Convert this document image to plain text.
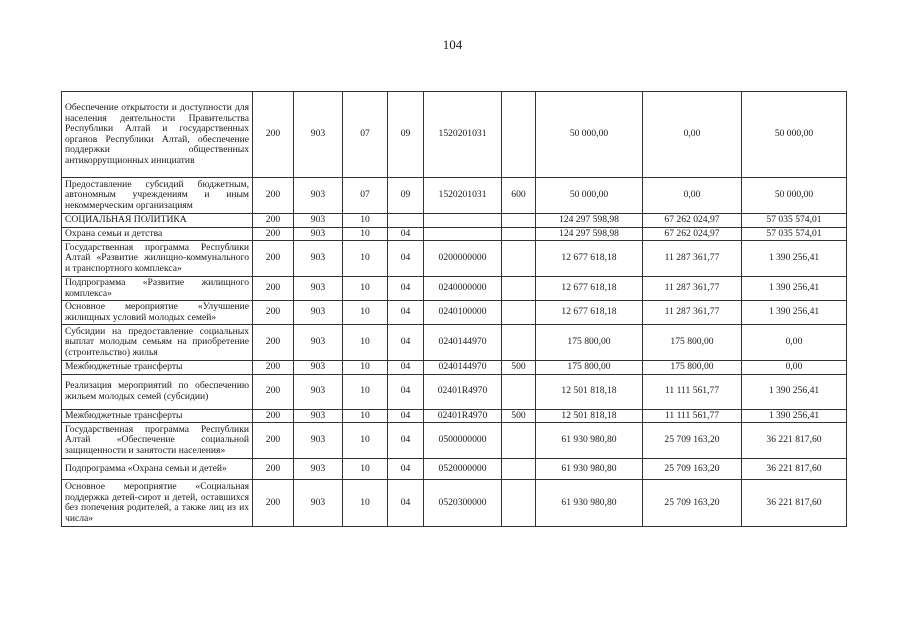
104
Обеспечение открытости и доступности для населения деятельности Правительства Республики Алтай и государственных органов Республики Алтай, обеспечение поддержки общественных антикоррупционных инициатив	200	903	07	09	1520201031		50 000,00	0,00	50 000,00
Предоставление субсидий бюджетным, автономным учреждениям и иным некоммерческим организациям	200	903	07	09	1520201031	600	50 000,00	0,00	50 000,00
СОЦИАЛЬНАЯ ПОЛИТИКА	200	903	10				124 297 598,98	67 262 024,97	57 035 574,01
Охрана семьи и детства	200	903	10	04			124 297 598,98	67 262 024,97	57 035 574,01
Государственная программа Республики Алтай «Развитие жилищно-коммунального и транспортного комплекса»	200	903	10	04	0200000000		12 677 618,18	11 287 361,77	1 390 256,41
Подпрограмма «Развитие жилищного комплекса»	200	903	10	04	0240000000		12 677 618,18	11 287 361,77	1 390 256,41
Основное мероприятие «Улучшение жилищных условий молодых семей»	200	903	10	04	0240100000		12 677 618,18	11 287 361,77	1 390 256,41
Субсидии на предоставление социальных выплат молодым семьям на приобретение (строительство) жилья	200	903	10	04	0240144970		175 800,00	175 800,00	0,00
Межбюджетные трансферты	200	903	10	04	0240144970	500	175 800,00	175 800,00	0,00
Реализация мероприятий по обеспечению жильем молодых семей (субсидии)	200	903	10	04	02401R4970		12 501 818,18	11 111 561,77	1 390 256,41
Межбюджетные трансферты	200	903	10	04	02401R4970	500	12 501 818,18	11 111 561,77	1 390 256,41
Государственная программа Республики Алтай «Обеспечение социальной защищенности и занятости населения»	200	903	10	04	0500000000		61 930 980,80	25 709 163,20	36 221 817,60
Подпрограмма «Охрана семьи и детей»	200	903	10	04	0520000000		61 930 980,80	25 709 163,20	36 221 817,60
Основное мероприятие «Социальная поддержка детей-сирот и детей, оставшихся без попечения родителей, а также лиц из их числа»	200	903	10	04	0520300000		61 930 980,80	25 709 163,20	36 221 817,60
